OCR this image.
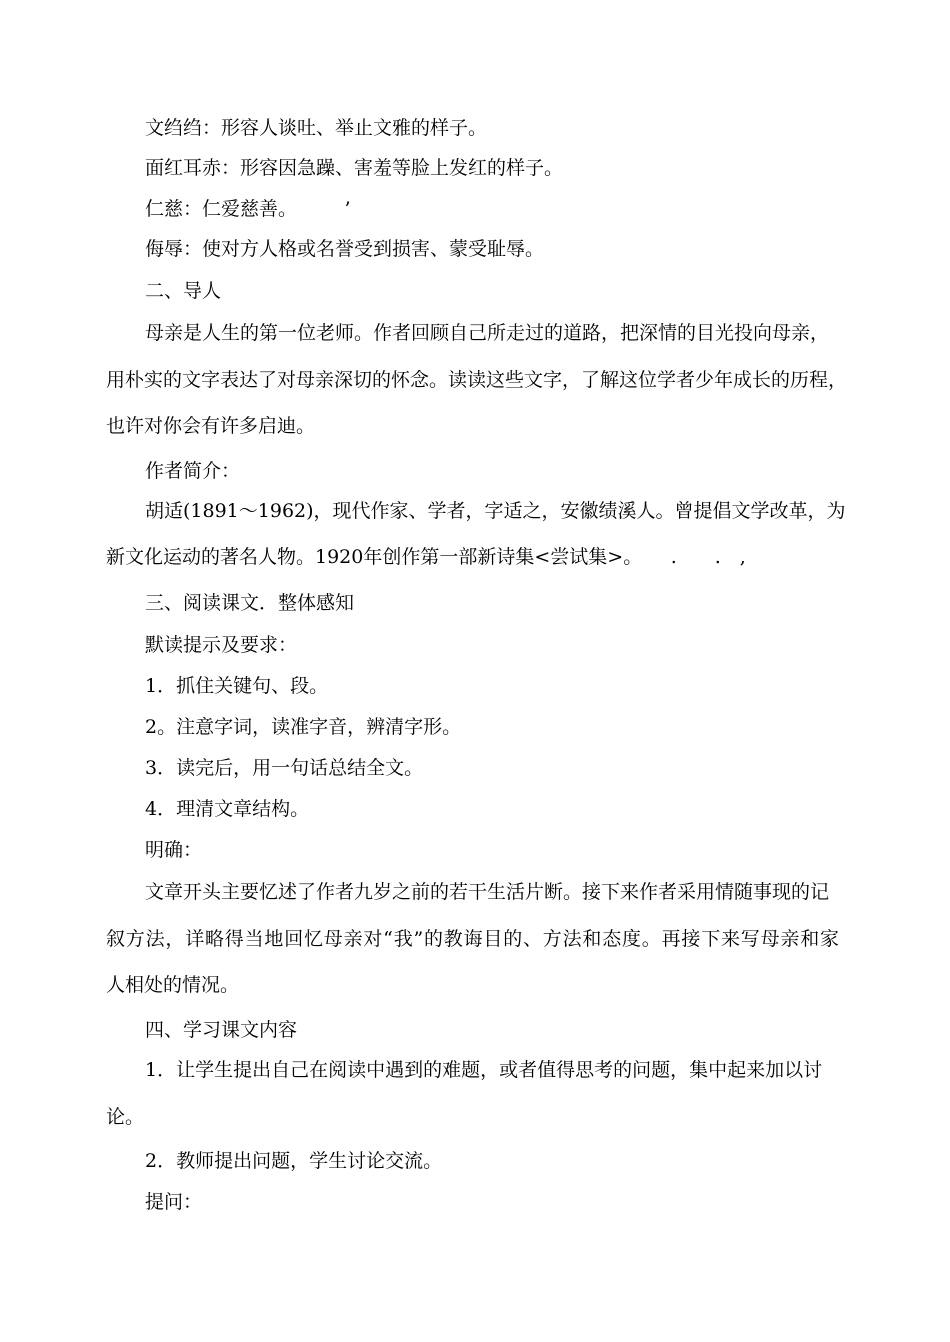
文绉绉：形容人谈吐、举止文雅的样子。
面红耳赤：形容因急躁、害羞等脸上发红的样子。
仁慈：仁爱慈善。　　　’
侮辱：使对方人格或名誉受到损害、蒙受耻辱。
二、导人
母亲是人生的第一位老师。作者回顾自己所走过的道路，把深情的目光投向母亲，
用朴实的文字表达了对母亲深切的怀念。读读这些文字，了解这位学者少年成长的历程，
也许对你会有许多启迪。
作者简介：
胡适(1891～1962)，现代作家、学者，字适之，安徽绩溪人。曾提倡文学改革，为
新文化运动的著名人物。1920年创作第一部新诗集<尝试集>。　　.　　.　,
三、阅读课文．整体感知
默读提示及要求：
1．抓住关键句、段。
2。注意字词，读准字音，辨清字形。
3．读完后，用一句话总结全文。
4．理清文章结构。
明确：
文章开头主要忆述了作者九岁之前的若干生活片断。接下来作者采用情随事现的记
叙方法，详略得当地回忆母亲对“我”的教诲目的、方法和态度。再接下来写母亲和家
人相处的情况。
四、学习课文内容
1．让学生提出自己在阅读中遇到的难题，或者值得思考的问题，集中起来加以讨
论。
2．教师提出问题，学生讨论交流。
提问：
